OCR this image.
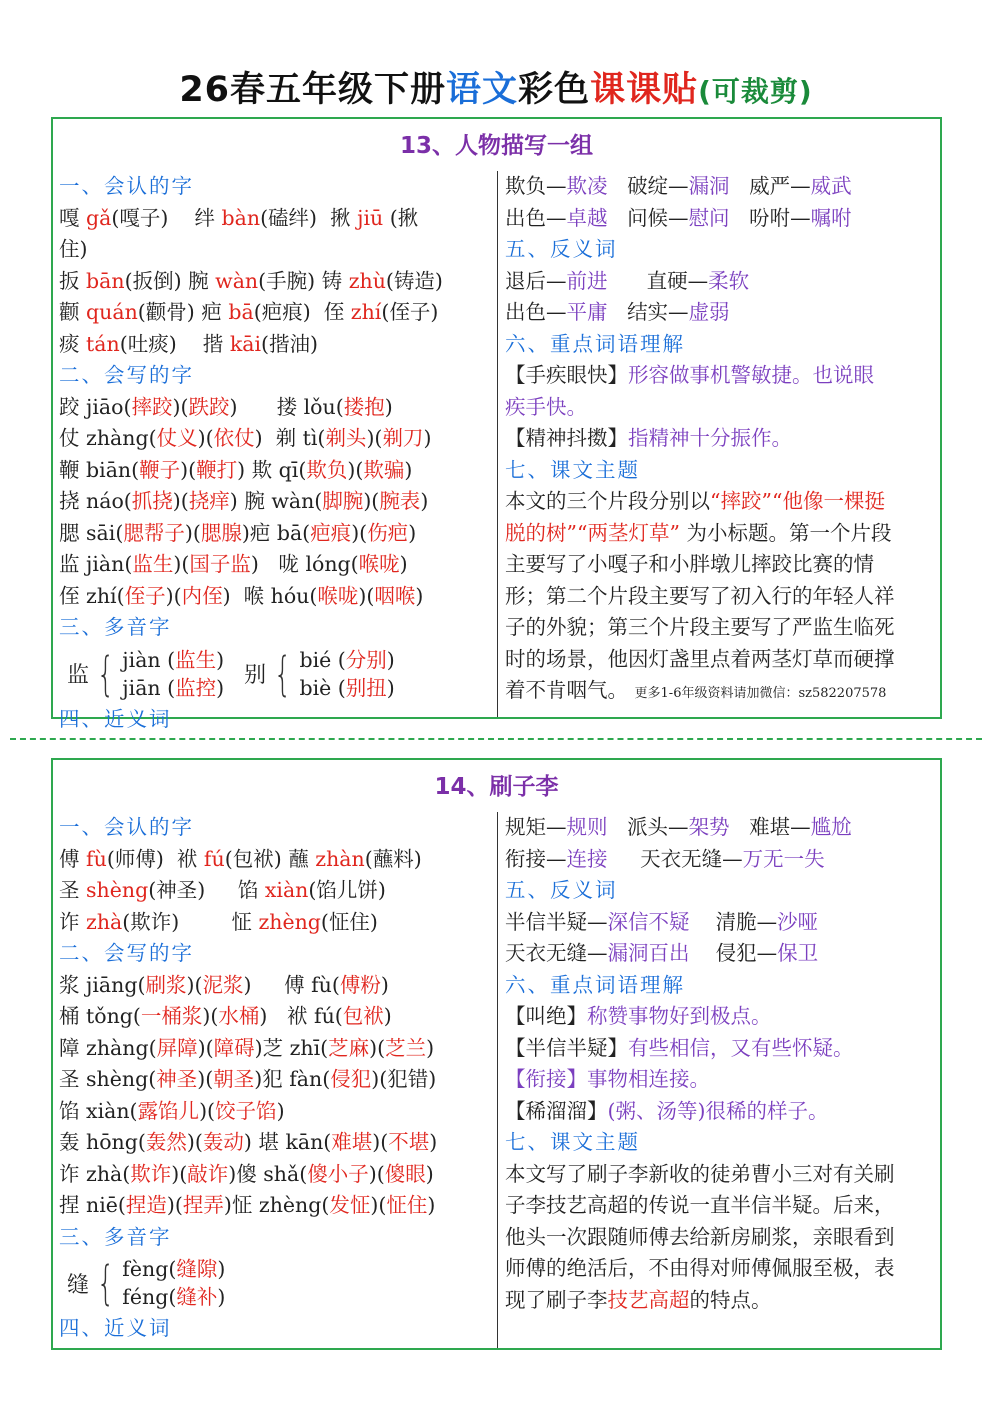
26春五年级下册语文彩色课课贴(可裁剪)
13、人物描写一组
一、会认的字
嘎 gǎ(嘎子) 绊 bàn(磕绊) 揪 jiū (揪
住)
扳 bān(扳倒) 腕 wàn(手腕) 铸 zhù(铸造)
颧 quán(颧骨) 疤 bā(疤痕) 侄 zhí(侄子)
痰 tán(吐痰) 揩 kāi(揩油)
二、会写的字
跤 jiāo(摔跤)(跌跤) 搂 lǒu(搂抱)
仗 zhàng(仗义)(依仗) 剃 tì(剃头)(剃刀)
鞭 biān(鞭子)(鞭打) 欺 qī(欺负)(欺骗)
挠 náo(抓挠)(挠痒) 腕 wàn(脚腕)(腕表)
腮 sāi(腮帮子)(腮腺)疤 bā(疤痕)(伤疤)
监 jiàn(监生)(国子监) 咙 lóng(喉咙)
侄 zhí(侄子)(内侄) 喉 hóu(喉咙)(咽喉)
三、多音字
监 { jiàn (监生)
jiān (监控) 别 { bié (分别)
biè (别扭)
四、近义词
欺负—欺凌 破绽—漏洞 威严—威武
出色—卓越 问候—慰问 吩咐—嘱咐
五、反义词
退后—前进 直硬—柔软
出色—平庸 结实—虚弱
六、重点词语理解
【手疾眼快】形容做事机警敏捷。也说眼
疾手快。
【精神抖擞】指精神十分振作。
七、课文主题
本文的三个片段分别以“摔跤”“他像一棵挺
脱的树”“两茎灯草” 为小标题。第一个片段
主要写了小嘎子和小胖墩儿摔跤比赛的情
形；第二个片段主要写了初入行的年轻人祥
子的外貌；第三个片段主要写了严监生临死
时的场景，他因灯盏里点着两茎灯草而硬撑
着不肯咽气。 更多1-6年级资料请加微信：sz582207578
14、刷子李
一、会认的字
傅 fù(师傅) 袱 fú(包袱) 蘸 zhàn(蘸料)
圣 shèng(神圣) 馅 xiàn(馅儿饼)
诈 zhà(欺诈)	怔 zhèng(怔住)
二、会写的字
浆 jiāng(刷浆)(泥浆) 傅 fù(傅粉)
桶 tǒng(一桶浆)(水桶) 袱 fú(包袱)
障 zhàng(屏障)(障碍)芝 zhī(芝麻)(芝兰)
圣 shèng(神圣)(朝圣)犯 fàn(侵犯)(犯错)
馅 xiàn(露馅儿)(饺子馅)
轰 hōng(轰然)(轰动) 堪 kān(难堪)(不堪)
诈 zhà(欺诈)(敲诈)傻 shǎ(傻小子)(傻眼)
捏 niē(捏造)(捏弄)怔 zhèng(发怔)(怔住)
三、多音字
缝 { fèng(缝隙)
féng(缝补)
四、近义词
规矩—规则 派头—架势 难堪—尴尬
衔接—连接 天衣无缝—万无一失
五、反义词
半信半疑—深信不疑 清脆—沙哑
天衣无缝—漏洞百出 侵犯—保卫
六、重点词语理解
【叫绝】称赞事物好到极点。
【半信半疑】有些相信，又有些怀疑。
【衔接】事物相连接。
【稀溜溜】(粥、汤等)很稀的样子。
七、课文主题
本文写了刷子李新收的徒弟曹小三对有关刷
子李技艺高超的传说一直半信半疑。后来，
他头一次跟随师傅去给新房刷浆，亲眼看到
师傅的绝活后，不由得对师傅佩服至极，表
现了刷子李技艺高超的特点。
